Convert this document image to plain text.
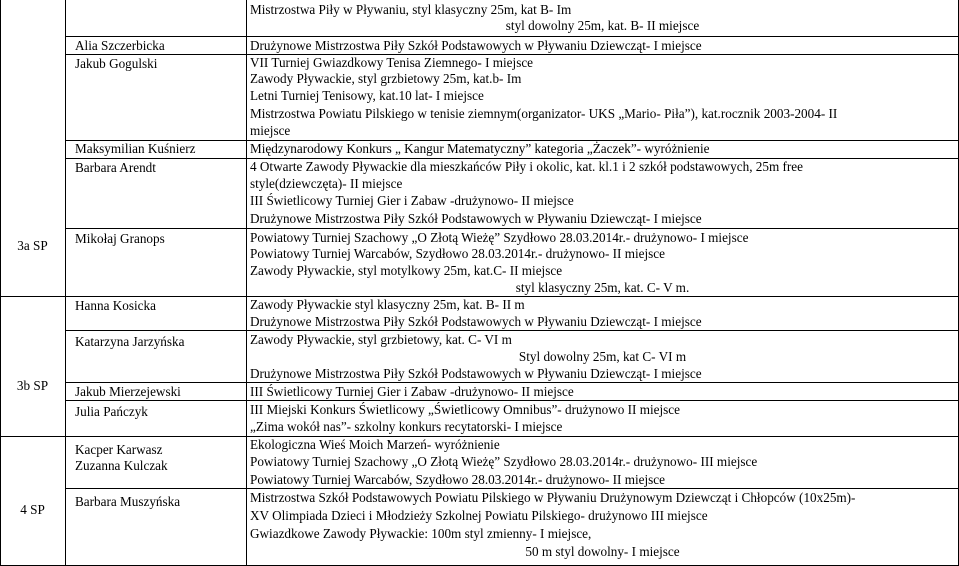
3a SP
3b SP
4 SP
Alia Szczerbicka
Jakub Gogulski
Maksymilian Kuśnierz
Barbara Arendt
Mikołaj Granops
Hanna Kosicka
Katarzyna Jarzyńska
Jakub Mierzejewski
Julia Pańczyk
Kacper Karwasz
Zuzanna Kulczak
Barbara Muszyńska
Mistrzostwa Piły w Pływaniu, styl klasyczny 25m, kat B- Im
styl dowolny 25m, kat. B- II miejsce
Drużynowe Mistrzostwa Piły Szkół Podstawowych w Pływaniu Dziewcząt- I miejsce
VII Turniej Gwiazdkowy Tenisa Ziemnego- I miejsce
Zawody Pływackie, styl grzbietowy 25m, kat.b- Im
Letni Turniej Tenisowy, kat.10 lat- I miejsce
Mistrzostwa Powiatu Pilskiego w tenisie ziemnym(organizator- UKS „Mario- Piła”), kat.rocznik 2003-2004- II
miejsce
Międzynarodowy Konkurs „ Kangur Matematyczny” kategoria „Żaczek”- wyróżnienie
4 Otwarte Zawody Pływackie dla mieszkańców Piły i okolic, kat. kl.1 i 2 szkół podstawowych, 25m free
style(dziewczęta)- II miejsce
III Świetlicowy Turniej Gier i Zabaw -drużynowo- II miejsce
Drużynowe Mistrzostwa Piły Szkół Podstawowych w Pływaniu Dziewcząt- I miejsce
Powiatowy Turniej Szachowy „O Złotą Wieżę” Szydłowo 28.03.2014r.- drużynowo- I miejsce
Powiatowy Turniej Warcabów, Szydłowo 28.03.2014r.- drużynowo- II miejsce
Zawody Pływackie, styl motylkowy 25m, kat.C- II miejsce
styl klasyczny 25m, kat. C- V m.
Zawody Pływackie styl klasyczny 25m, kat. B- II m
Drużynowe Mistrzostwa Piły Szkół Podstawowych w Pływaniu Dziewcząt- I miejsce
Zawody Pływackie, styl grzbietowy, kat. C- VI m
Styl dowolny 25m, kat C- VI m
Drużynowe Mistrzostwa Piły Szkół Podstawowych w Pływaniu Dziewcząt- I miejsce
III Świetlicowy Turniej Gier i Zabaw -drużynowo- II miejsce
III Miejski Konkurs Świetlicowy „Świetlicowy Omnibus”- drużynowo II miejsce
„Zima wokół nas”- szkolny konkurs recytatorski- I miejsce
Ekologiczna Wieś Moich Marzeń- wyróżnienie
Powiatowy Turniej Szachowy „O Złotą Wieżę” Szydłowo 28.03.2014r.- drużynowo- III miejsce
Powiatowy Turniej Warcabów, Szydłowo 28.03.2014r.- drużynowo- II miejsce
Mistrzostwa Szkół Podstawowych Powiatu Pilskiego w Pływaniu Drużynowym Dziewcząt i Chłopców (10x25m)-
XV Olimpiada Dzieci i Młodzieży Szkolnej Powiatu Pilskiego- drużynowo III miejsce
Gwiazdkowe Zawody Pływackie: 100m styl zmienny- I miejsce,
50 m styl dowolny- I miejsce
